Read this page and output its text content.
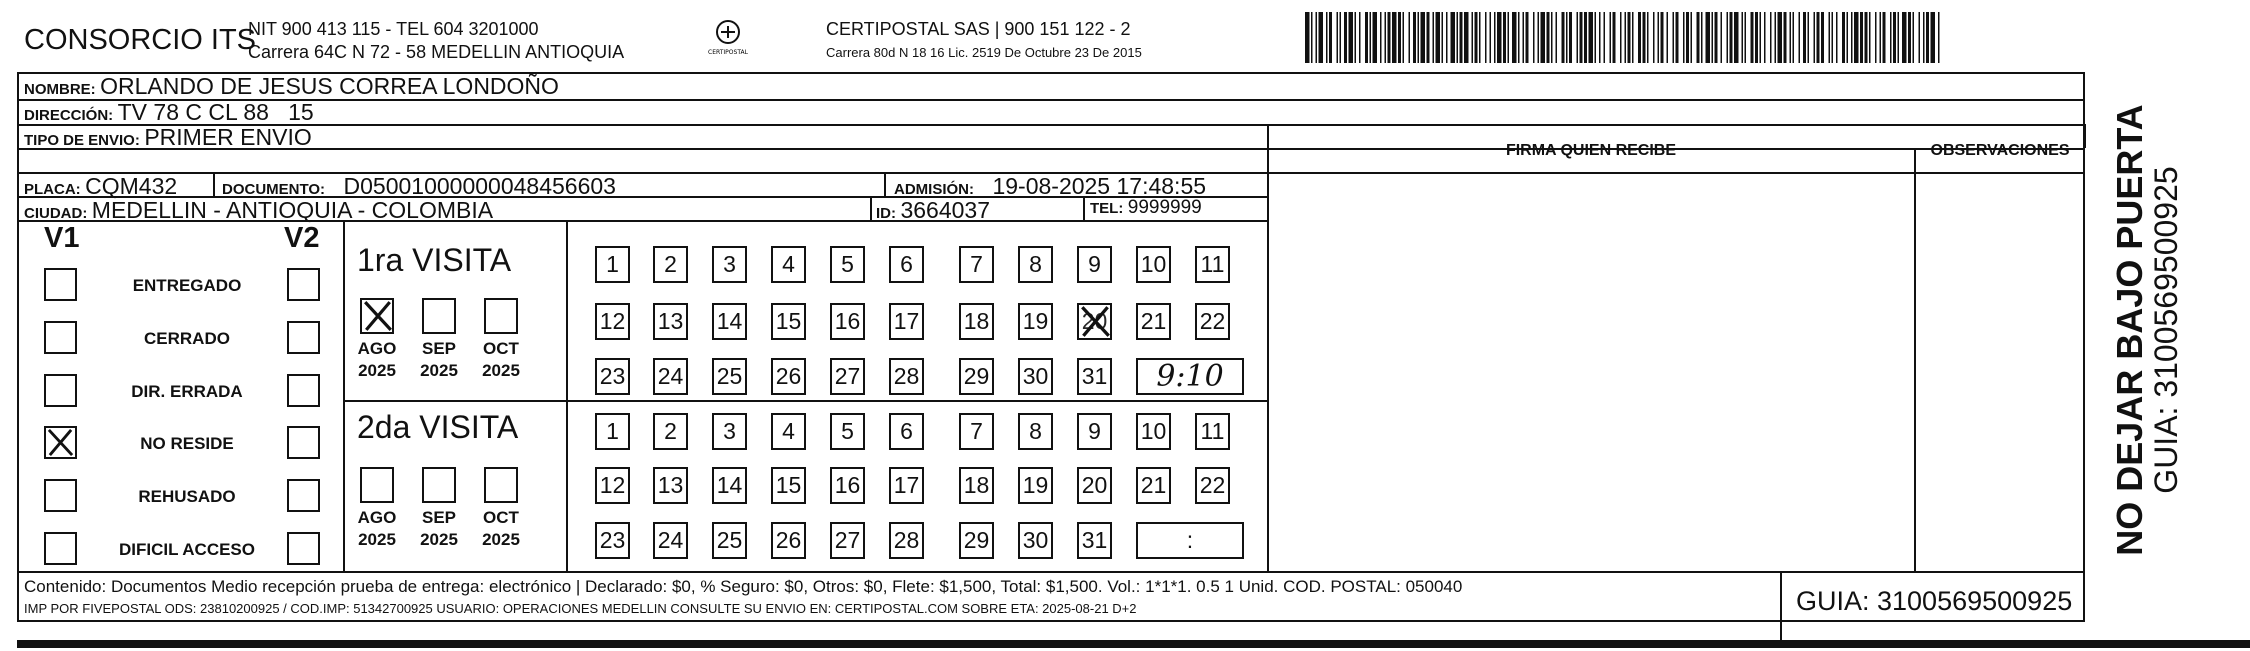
CONSORCIO ITS
NIT 900 413 115 - TEL 604 3201000
Carrera 64C N 72 - 58 MEDELLIN ANTIOQUIA	CERTIPOSTAL
CERTIPOSTAL SAS | 900 151 122 - 2
Carrera 80d N 18 16 Lic. 2519 De Octubre 23 De 2015
NOMBRE: ORLANDO DE JESUS CORREA LONDOÑO
DIRECCIÓN: TV 78 C CL 88   15
TIPO DE ENVIO: PRIMER ENVIO
FIRMA QUIEN RECIBE	OBSERVACIONES
PLACA: CQM432	DOCUMENTO: D05001000000048456603	ADMISIÓN: 19-08-2025 17:48:55
CIUDAD: MEDELLIN - ANTIOQUIA - COLOMBIA	ID: 3664037	TEL: 9999999
V1	V2
ENTREGADO
CERRADO
DIR. ERRADA
NO RESIDE
REHUSADO
DIFICIL ACCESO
1ra VISITA
AGO
2025
SEP
2025
OCT
2025
1	2	3	4	5	6	7	8	9	10 11
12 13 14 15 16 17 18 19 20 21 22
23 24 25 26 27 28 29 30 31	9:10
2da VISITA
AGO
2025
SEP
2025
OCT
2025
1	2	3	4	5	6	7	8	9	10 11
12 13 14 15 16 17 18 19 20 21 22
23 24 25 26 27 28 29 30 31	:
Contenido: Documentos Medio recepción prueba de entrega: electrónico | Declarado: $0, % Seguro: $0, Otros: $0, Flete: $1,500, Total: $1,500. Vol.: 1*1*1. 0.5 1 Unid. COD. POSTAL: 050040
IMP POR FIVEPOSTAL ODS: 23810200925 / COD.IMP: 51342700925 USUARIO: OPERACIONES MEDELLIN CONSULTE SU ENVIO EN: CERTIPOSTAL.COM SOBRE ETA: 2025-08-21 D+2	GUIA: 3100569500925
NO DEJAR BAJO PUERTA
GUIA: 3100569500925
